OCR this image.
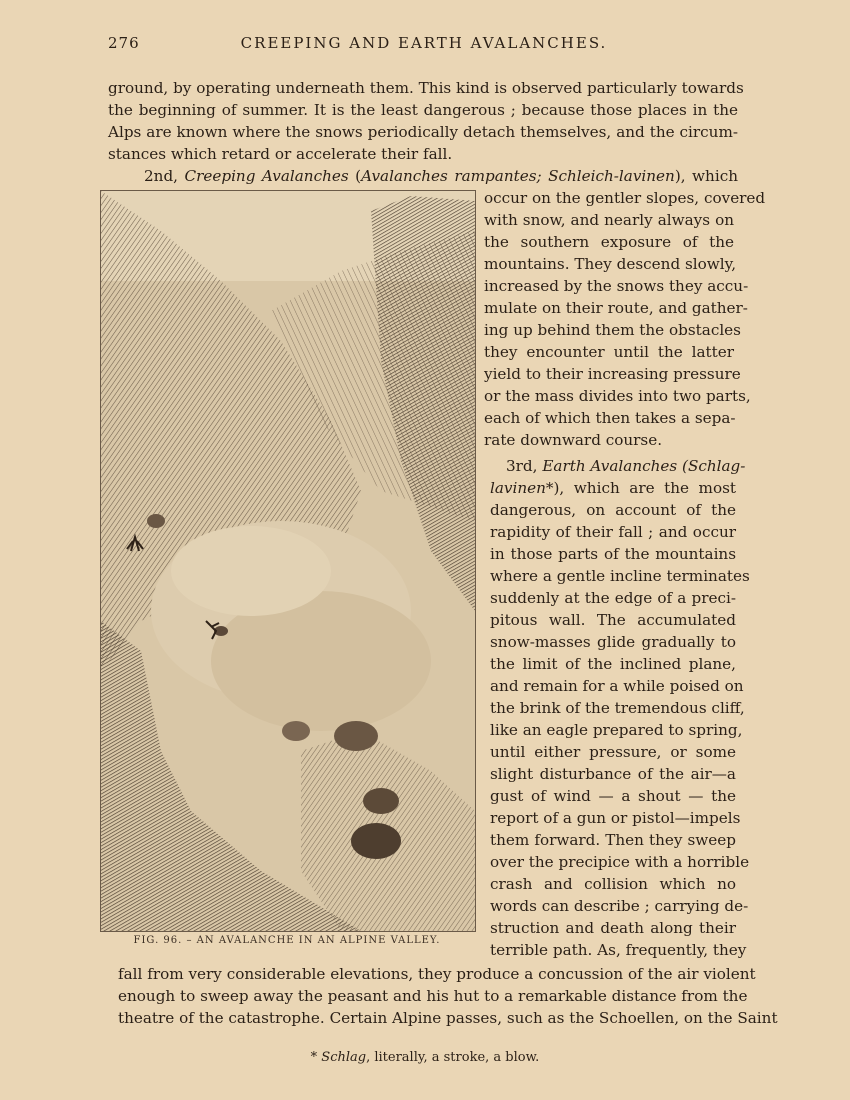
276	CREEPING AND EARTH AVALANCHES.
ground, by operating underneath them. This kind is observed particularly towards
the beginning of summer. It is the least dangerous ; because those places in the
Alps are known where the snows periodically detach themselves, and the circum-
stances which retard or accelerate their fall.
2nd, Creeping Avalanches (Avalanches rampantes; Schleich-lavinen), which
occur on the gentler slopes, covered
with snow, and nearly always on
the southern exposure of the
mountains. They descend slowly,
increased by the snows they accu-
mulate on their route, and gather-
ing up behind them the obstacles
they encounter until the latter
yield to their increasing pressure
or the mass divides into two parts,
each of which then takes a sepa-
rate downward course.
3rd, Earth Avalanches (Schlag-
lavinen*), which are the most
dangerous, on account of the
rapidity of their fall ; and occur
in those parts of the mountains
where a gentle incline terminates
suddenly at the edge of a preci-
pitous wall. The accumulated
snow-masses glide gradually to
the limit of the inclined plane,
and remain for a while poised on
the brink of the tremendous cliff,
like an eagle prepared to spring,
until either pressure, or some
slight disturbance of the air—a
gust of wind — a shout — the
report of a gun or pistol—impels
them forward. Then they sweep
over the precipice with a horrible
crash and collision which no
words can describe ; carrying de-
struction and death along their
terrible path. As, frequently, they
fall from very considerable elevations, they produce a concussion of the air violent
enough to sweep away the peasant and his hut to a remarkable distance from the
theatre of the catastrophe. Certain Alpine passes, such as the Schoellen, on the Saint
FIG. 96. – AN AVALANCHE IN AN ALPINE VALLEY.
* Schlag, literally, a stroke, a blow.
